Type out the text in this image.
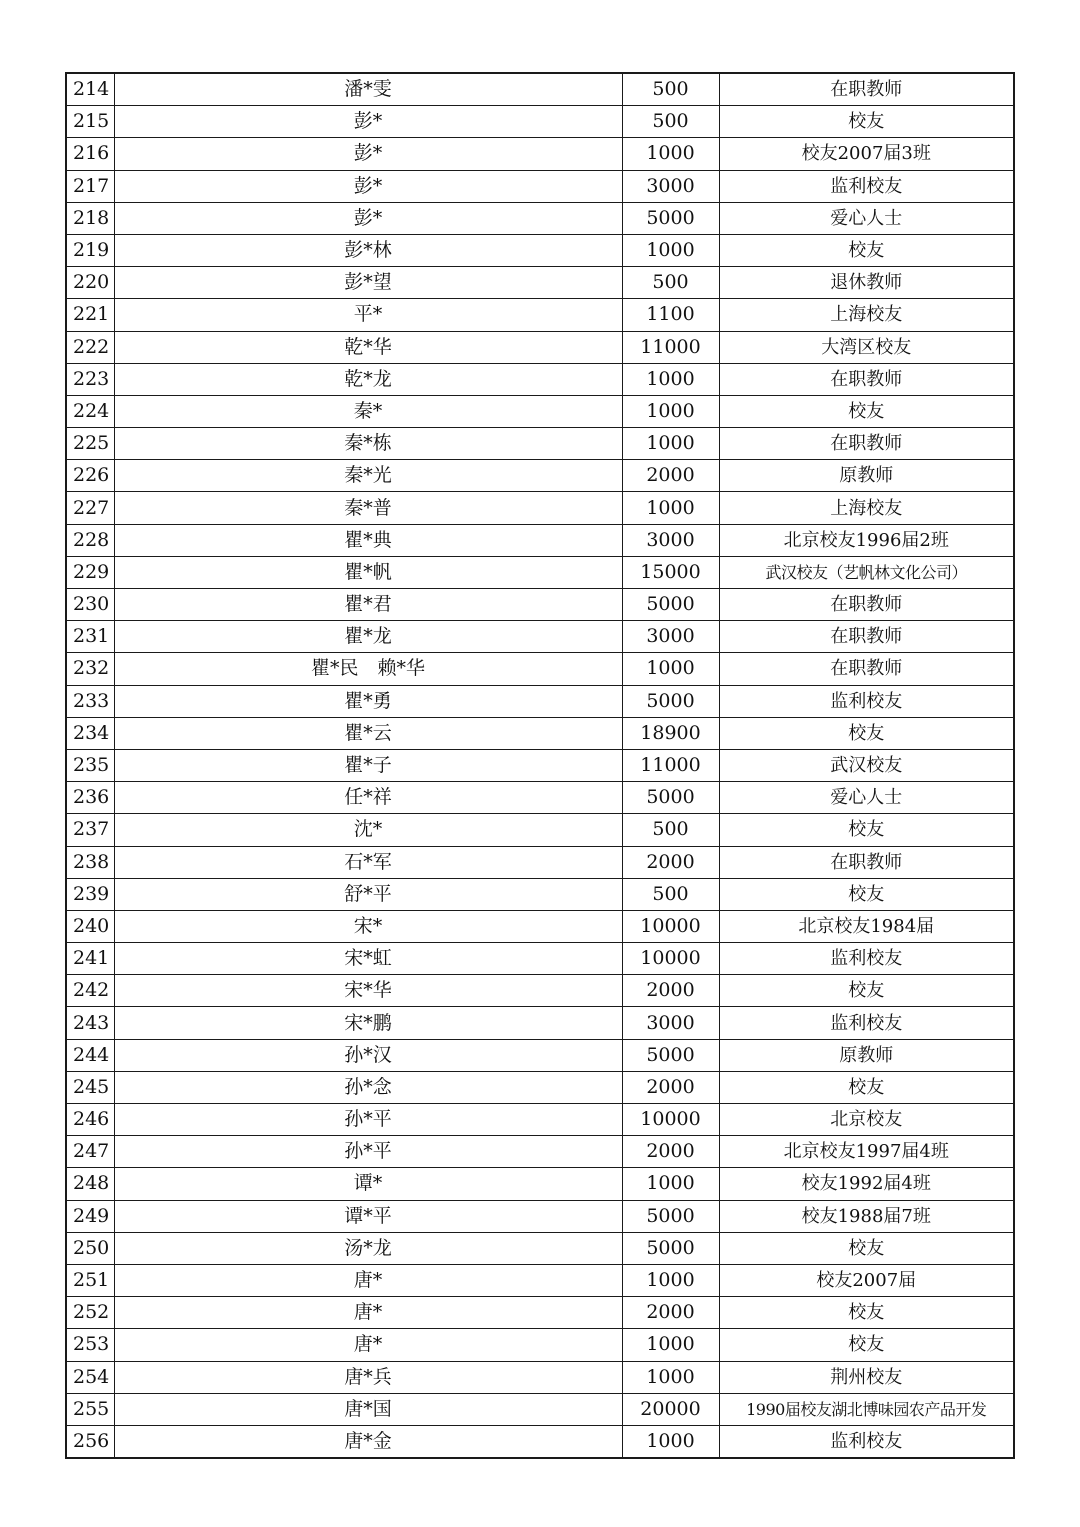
214	潘*雯	500	在职教师
215	彭*	500	校友
216	彭*	1000	校友2007届3班
217	彭*	3000	监利校友
218	彭*	5000	爱心人士
219	彭*林	1000	校友
220	彭*望	500	退休教师
221	平*	1100	上海校友
222	乾*华	11000	大湾区校友
223	乾*龙	1000	在职教师
224	秦*	1000	校友
225	秦*栋	1000	在职教师
226	秦*光	2000	原教师
227	秦*普	1000	上海校友
228	瞿*典	3000	北京校友1996届2班
229	瞿*帆	15000	武汉校友（艺帆林文化公司）
230	瞿*君	5000	在职教师
231	瞿*龙	3000	在职教师
232	瞿*民　赖*华	1000	在职教师
233	瞿*勇	5000	监利校友
234	瞿*云	18900	校友
235	瞿*子	11000	武汉校友
236	任*祥	5000	爱心人士
237	沈*	500	校友
238	石*军	2000	在职教师
239	舒*平	500	校友
240	宋*	10000	北京校友1984届
241	宋*虹	10000	监利校友
242	宋*华	2000	校友
243	宋*鹏	3000	监利校友
244	孙*汉	5000	原教师
245	孙*念	2000	校友
246	孙*平	10000	北京校友
247	孙*平	2000	北京校友1997届4班
248	谭*	1000	校友1992届4班
249	谭*平	5000	校友1988届7班
250	汤*龙	5000	校友
251	唐*	1000	校友2007届
252	唐*	2000	校友
253	唐*	1000	校友
254	唐*兵	1000	荆州校友
255	唐*国	20000	1990届校友湖北博味园农产品开发
256	唐*金	1000	监利校友
